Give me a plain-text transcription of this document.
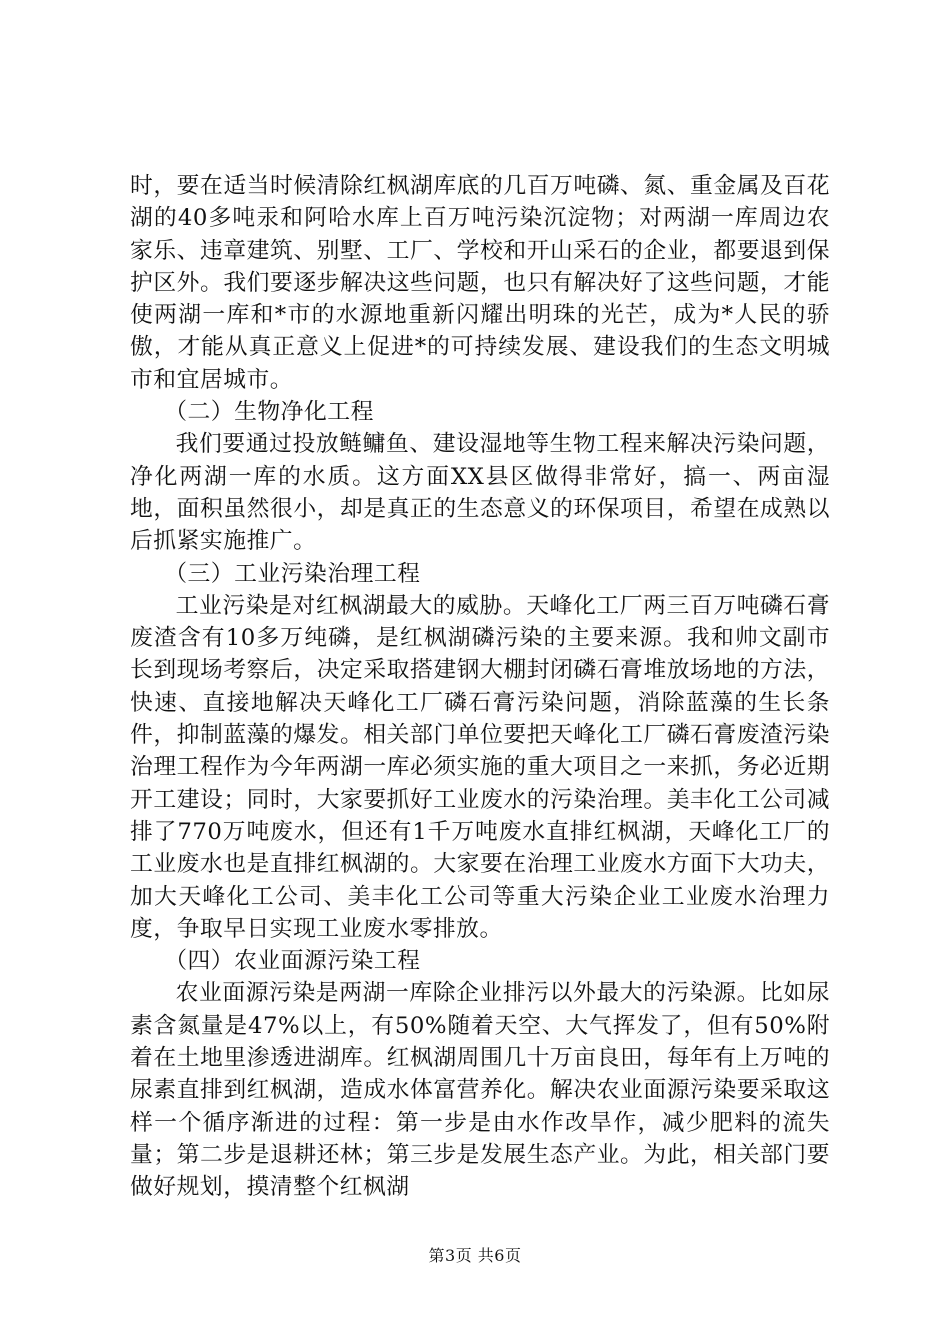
时，要在适当时候清除红枫湖库底的几百万吨磷、氮、重金属及百花湖的40多吨汞和阿哈水库上百万吨污染沉淀物；对两湖一库周边农家乐、违章建筑、别墅、工厂、学校和开山采石的企业，都要退到保护区外。我们要逐步解决这些问题，也只有解决好了这些问题，才能使两湖一库和*市的水源地重新闪耀出明珠的光芒，成为*人民的骄傲，才能从真正意义上促进*的可持续发展、建设我们的生态文明城市和宜居城市。

（二）生物净化工程

我们要通过投放鲢鳙鱼、建设湿地等生物工程来解决污染问题，净化两湖一库的水质。这方面XX县区做得非常好，搞一、两亩湿地，面积虽然很小，却是真正的生态意义的环保项目，希望在成熟以后抓紧实施推广。

（三）工业污染治理工程

工业污染是对红枫湖最大的威胁。天峰化工厂两三百万吨磷石膏废渣含有10多万纯磷，是红枫湖磷污染的主要来源。我和帅文副市长到现场考察后，决定采取搭建钢大棚封闭磷石膏堆放场地的方法，快速、直接地解决天峰化工厂磷石膏污染问题，消除蓝藻的生长条件，抑制蓝藻的爆发。相关部门单位要把天峰化工厂磷石膏废渣污染治理工程作为今年两湖一库必须实施的重大项目之一来抓，务必近期开工建设；同时，大家要抓好工业废水的污染治理。美丰化工公司减排了770万吨废水，但还有1千万吨废水直排红枫湖，天峰化工厂的工业废水也是直排红枫湖的。大家要在治理工业废水方面下大功夫，加大天峰化工公司、美丰化工公司等重大污染企业工业废水治理力度，争取早日实现工业废水零排放。

（四）农业面源污染工程

农业面源污染是两湖一库除企业排污以外最大的污染源。比如尿素含氮量是47%以上，有50%随着天空、大气挥发了，但有50%附着在土地里渗透进湖库。红枫湖周围几十万亩良田，每年有上万吨的尿素直排到红枫湖，造成水体富营养化。解决农业面源污染要采取这样一个循序渐进的过程：第一步是由水作改旱作，减少肥料的流失量；第二步是退耕还林；第三步是发展生态产业。为此，相关部门要做好规划，摸清整个红枫湖

第3页 共6页
